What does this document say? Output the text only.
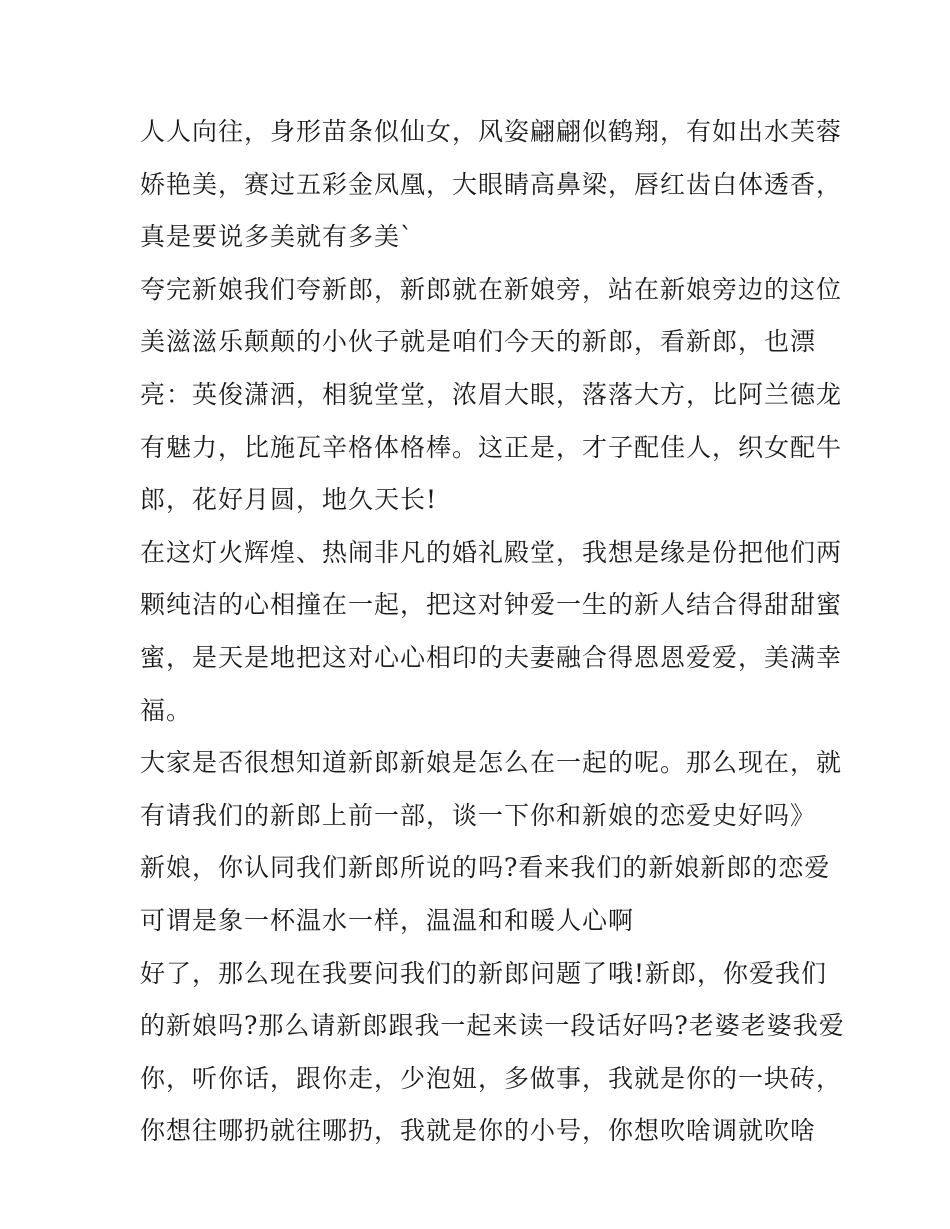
人人向往，身形苗条似仙女，风姿翩翩似鹤翔，有如出水芙蓉
娇艳美，赛过五彩金凤凰，大眼睛高鼻梁，唇红齿白体透香，
真是要说多美就有多美`
夸完新娘我们夸新郎，新郎就在新娘旁，站在新娘旁边的这位
美滋滋乐颠颠的小伙子就是咱们今天的新郎，看新郎，也漂
亮：英俊潇洒，相貌堂堂，浓眉大眼，落落大方，比阿兰德龙
有魅力，比施瓦辛格体格棒。这正是，才子配佳人，织女配牛
郎，花好月圆，地久天长!
在这灯火辉煌、热闹非凡的婚礼殿堂，我想是缘是份把他们两
颗纯洁的心相撞在一起，把这对钟爱一生的新人结合得甜甜蜜
蜜，是天是地把这对心心相印的夫妻融合得恩恩爱爱，美满幸
福。
大家是否很想知道新郎新娘是怎么在一起的呢。那么现在，就
有请我们的新郎上前一部，谈一下你和新娘的恋爱史好吗》
新娘，你认同我们新郎所说的吗?看来我们的新娘新郎的恋爱
可谓是象一杯温水一样，温温和和暖人心啊
好了，那么现在我要问我们的新郎问题了哦!新郎，你爱我们
的新娘吗?那么请新郎跟我一起来读一段话好吗?老婆老婆我爱
你，听你话，跟你走，少泡妞，多做事，我就是你的一块砖，
你想往哪扔就往哪扔，我就是你的小号，你想吹啥调就吹啥
